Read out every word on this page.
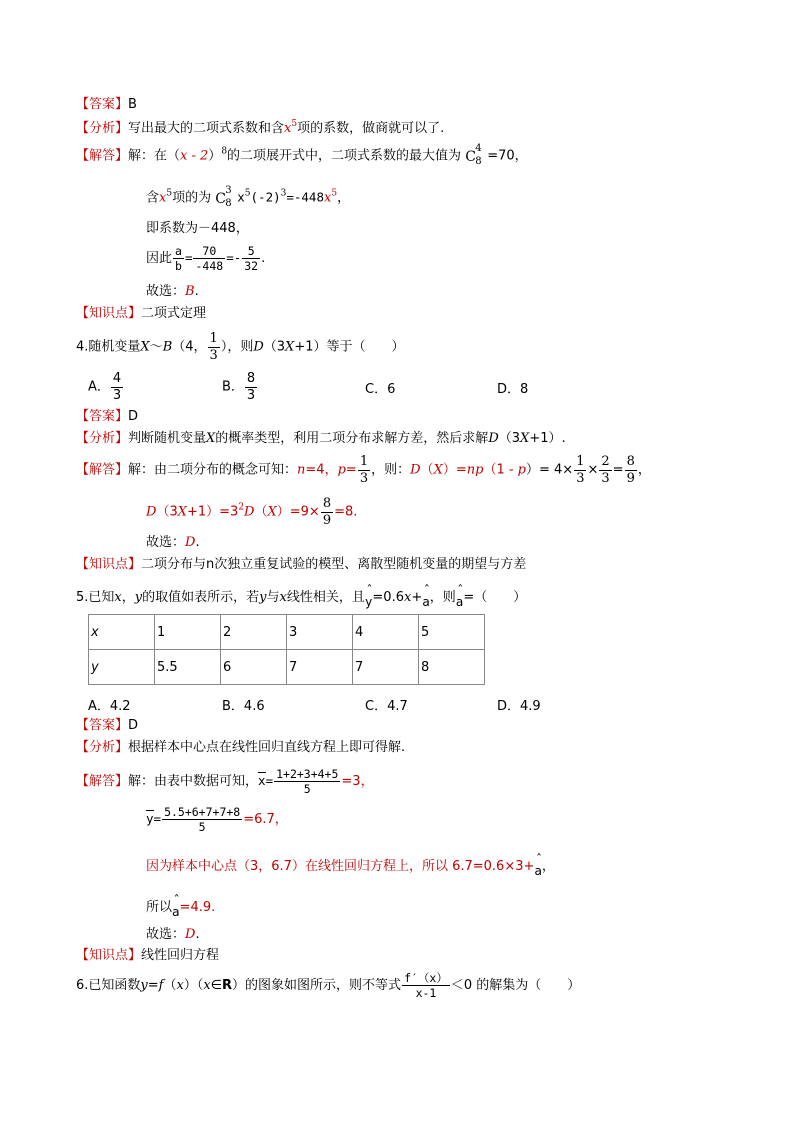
【答案】B
【分析】写出最大的二项式系数和含$x^5$项的系数，做商就可以了.
【解答】解：在（x - 2）$^8$的二项展开式中，二项式系数的最大值为 C
4
8 =70，
含$x^5$项的为 C
3
8 $x^5(-2)^3=-448x^5$，
即系数为－448，
因此 $\frac{a}{b} = \frac{70}{-448} =- \frac{5}{32}$ .
故选：B.
【知识点】二项式定理
4.随机变量X～B（4， $\frac{1}{3}$ ），则D（3X+1）等于（　　）
A． $\frac{4}{3}$	B． $\frac{8}{3}$	C．6	D．8
【答案】D
【分析】判断随机变量X的概率类型，利用二项分布求解方差，然后求解D（3X+1）.
【解答】解：由二项分布的概念可知：n=4，$p= \frac{1}{3}$ ，则：$D(X)=np(1 - p)= 4\times \frac{1}{3} \times \frac{2}{3} = \frac{8}{9}$ ，
$D(3X+1)=3^2D(X)=9\times \frac{8}{9} =8$.
故选：D.
【知识点】二项分布与n次独立重复试验的模型、离散型随机变量的期望与方差
5.已知x，y的取值如表所示，若y与x线性相关，且ˆ y=0.6x+ˆ a，则ˆ a=（　　）
x	1	2	3	4	5
y	5.5	6	7	7	8
A．4.2	B．4.6	C．4.7	D．4.9
【答案】D
【分析】根据样本中心点在线性回归直线方程上即可得解.
【解答】解：由表中数据可知，$x= \frac{1+2+3+4+5}{5} =3$，
$y= \frac{5.5+6+7+7+8}{5} =6.7$，
因为样本中心点（3，6.7）在线性回归方程上，所以 6.7=0.6×3+ˆ a，
所以ˆ a=4.9.
故选：D.
【知识点】线性回归方程
6.已知函数y=f（x）（x∈R）的图象如图所示，则不等式 $\frac{f'(x)}{x-1} <0$ 的解集为（　　）
